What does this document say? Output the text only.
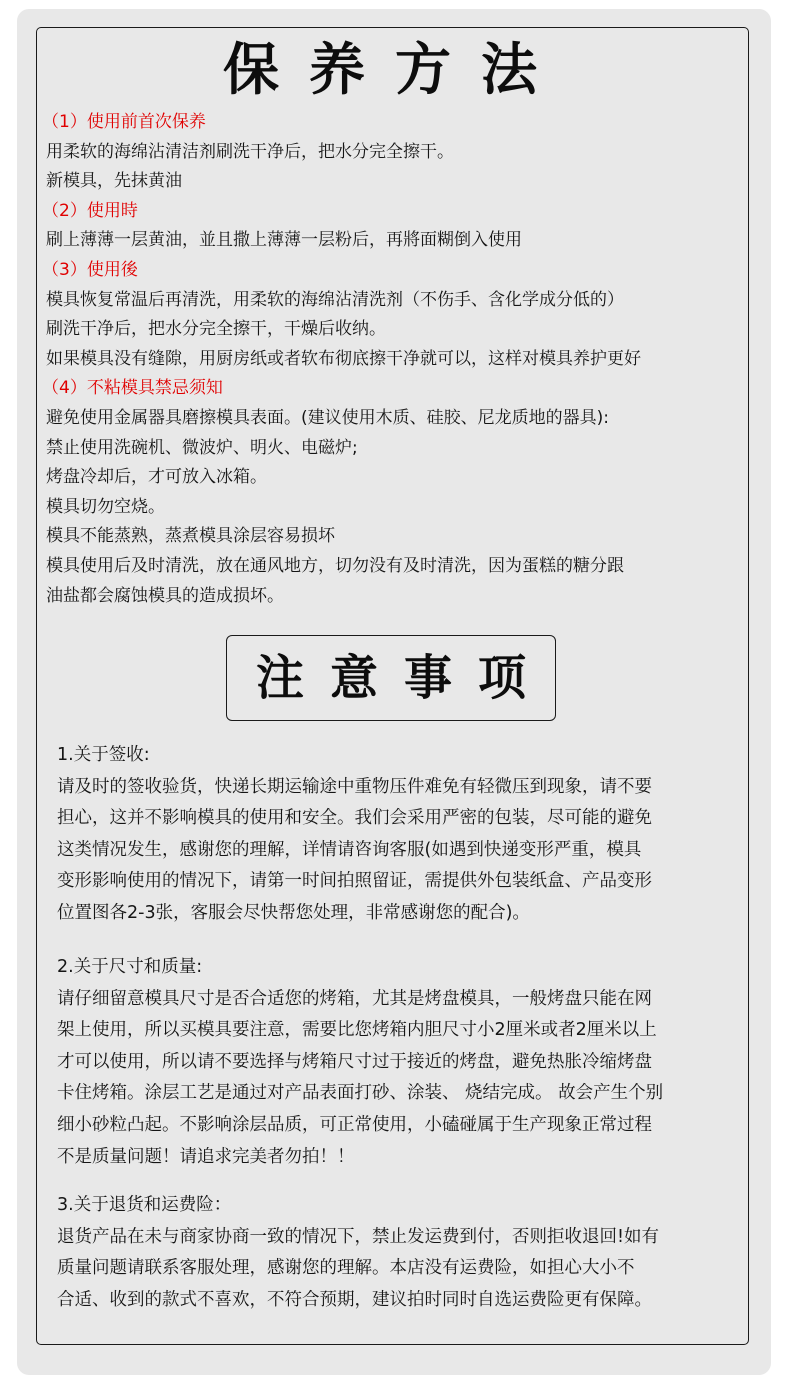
保养方法
（1）使用前首次保养
用柔软的海绵沾清洁剂刷洗干净后，把水分完全擦干。
新模具，先抹黄油
（2）使用時
刷上薄薄一层黄油，並且撒上薄薄一层粉后，再將面糊倒入使用
（3）使用後
模具恢复常温后再清洗，用柔软的海绵沾清洗剂（不伤手、含化学成分低的）
刷洗干净后，把水分完全擦干，干燥后收纳。
如果模具没有缝隙，用厨房纸或者软布彻底擦干净就可以，这样对模具养护更好
（4）不粘模具禁忌须知
避免使用金属器具磨擦模具表面。(建议使用木质、硅胶、尼龙质地的器具):
禁止使用洗碗机、微波炉、明火、电磁炉;
烤盘冷却后，才可放入冰箱。
模具切勿空烧。
模具不能蒸熟，蒸煮模具涂层容易损坏
模具使用后及时清洗，放在通风地方，切勿没有及时清洗，因为蛋糕的糖分跟
油盐都会腐蚀模具的造成损坏。
注意事项
1.关于签收:
请及时的签收验货，快递长期运输途中重物压件难免有轻微压到现象，请不要
担心，这并不影响模具的使用和安全。我们会采用严密的包装，尽可能的避免
这类情况发生，感谢您的理解，详情请咨询客服(如遇到快递变形严重，模具
变形影响使用的情况下，请第一时间拍照留证，需提供外包装纸盒、产品变形
位置图各2-3张，客服会尽快帮您处理，非常感谢您的配合)。
2.关于尺寸和质量:
请仔细留意模具尺寸是否合适您的烤箱，尤其是烤盘模具，一般烤盘只能在网
架上使用，所以买模具要注意，需要比您烤箱内胆尺寸小2厘米或者2厘米以上
才可以使用，所以请不要选择与烤箱尺寸过于接近的烤盘，避免热胀冷缩烤盘
卡住烤箱。涂层工艺是通过对产品表面打砂、涂装、 烧结完成。 故会产生个别
细小砂粒凸起。不影响涂层品质，可正常使用，小磕碰属于生产现象正常过程
不是质量问题！请追求完美者勿拍！！
3.关于退货和运费险：
退货产品在未与商家协商一致的情况下，禁止发运费到付，否则拒收退回!如有
质量问题请联系客服处理，感谢您的理解。本店没有运费险，如担心大小不
合适、收到的款式不喜欢，不符合预期，建议拍时同时自选运费险更有保障。
